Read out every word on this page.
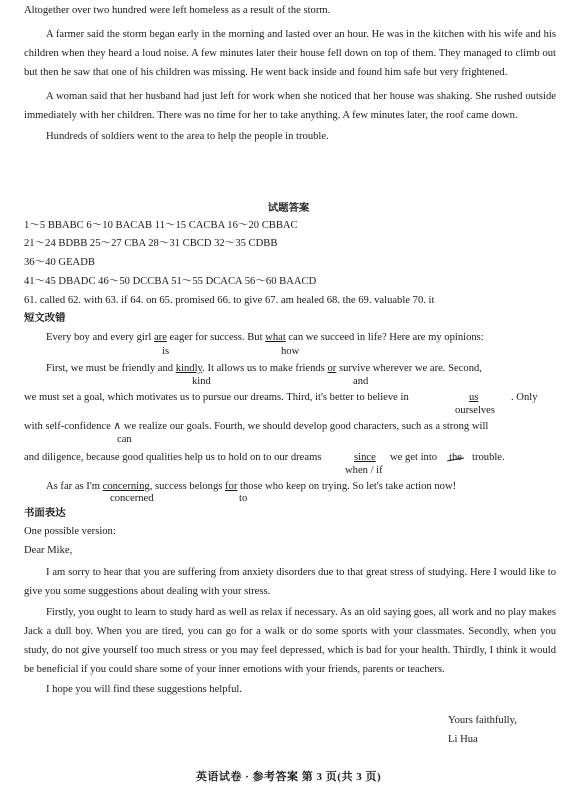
Altogether over two hundred were left homeless as a result of the storm.

A farmer said the storm began early in the morning and lasted over an hour. He was in the kitchen with his wife and his children when they heard a loud noise. A few minutes later their house fell down on top of them. They managed to climb out but then he saw that one of his children was missing. He went back inside and found him safe but very frightened.

A woman said that her husband had just left for work when she noticed that her house was shaking. She rushed outside immediately with her children. There was no time for her to take anything. A few minutes later, the roof came down.

Hundreds of soldiers went to the area to help the people in trouble.

试题答案
1～5 BBABC 6～10 BACAB 11～15 CACBA 16～20 CBBAC
21～24 BDBB 25～27 CBA 28～31 CBCD 32～35 CDBB
36～40 GEADB
41～45 DBADC 46～50 DCCBA 51～55 DCACA 56～60 BAACD
61. called 62. with 63. if 64. on 65. promised 66. to give 67. am healed 68. the 69. valuable 70. it
短文改错
Every boy and every girl are eager for success. But what can we succeed in life? Here are my opinions:
is	how
First, we must be friendly and kindly. It allows us to make friends or survive wherever we are. Second,
kind	and
we must set a goal, which motivates us to pursue our dreams. Third, it's better to believe in	us	. Only
ourselves
with self-confidence ∧ we realize our goals. Fourth, we should develop good characters, such as a strong will
can
and diligence, because good qualities help us to hold on to our dreams	since we get into the trouble.
when / if
As far as I'm concerning, success belongs for those who keep on trying. So let's take action now!
concerned	to
书面表达
One possible version:
Dear Mike,

I am sorry to hear that you are suffering from anxiety disorders due to that great stress of studying. Here I would like to give you some suggestions about dealing with your stress.

Firstly, you ought to learn to study hard as well as relax if necessary. As an old saying goes, all work and no play makes Jack a dull boy. When you are tired, you can go for a walk or do some sports with your classmates. Secondly, when you study, do not give yourself too much stress or you may feel depressed, which is bad for your health. Thirdly, I think it would be beneficial if you could share some of your inner emotions with your friends, parents or teachers.

I hope you will find these suggestions helpful.

Yours faithfully,
Li Hua
英语试卷 · 参考答案 第 3 页(共 3 页)
